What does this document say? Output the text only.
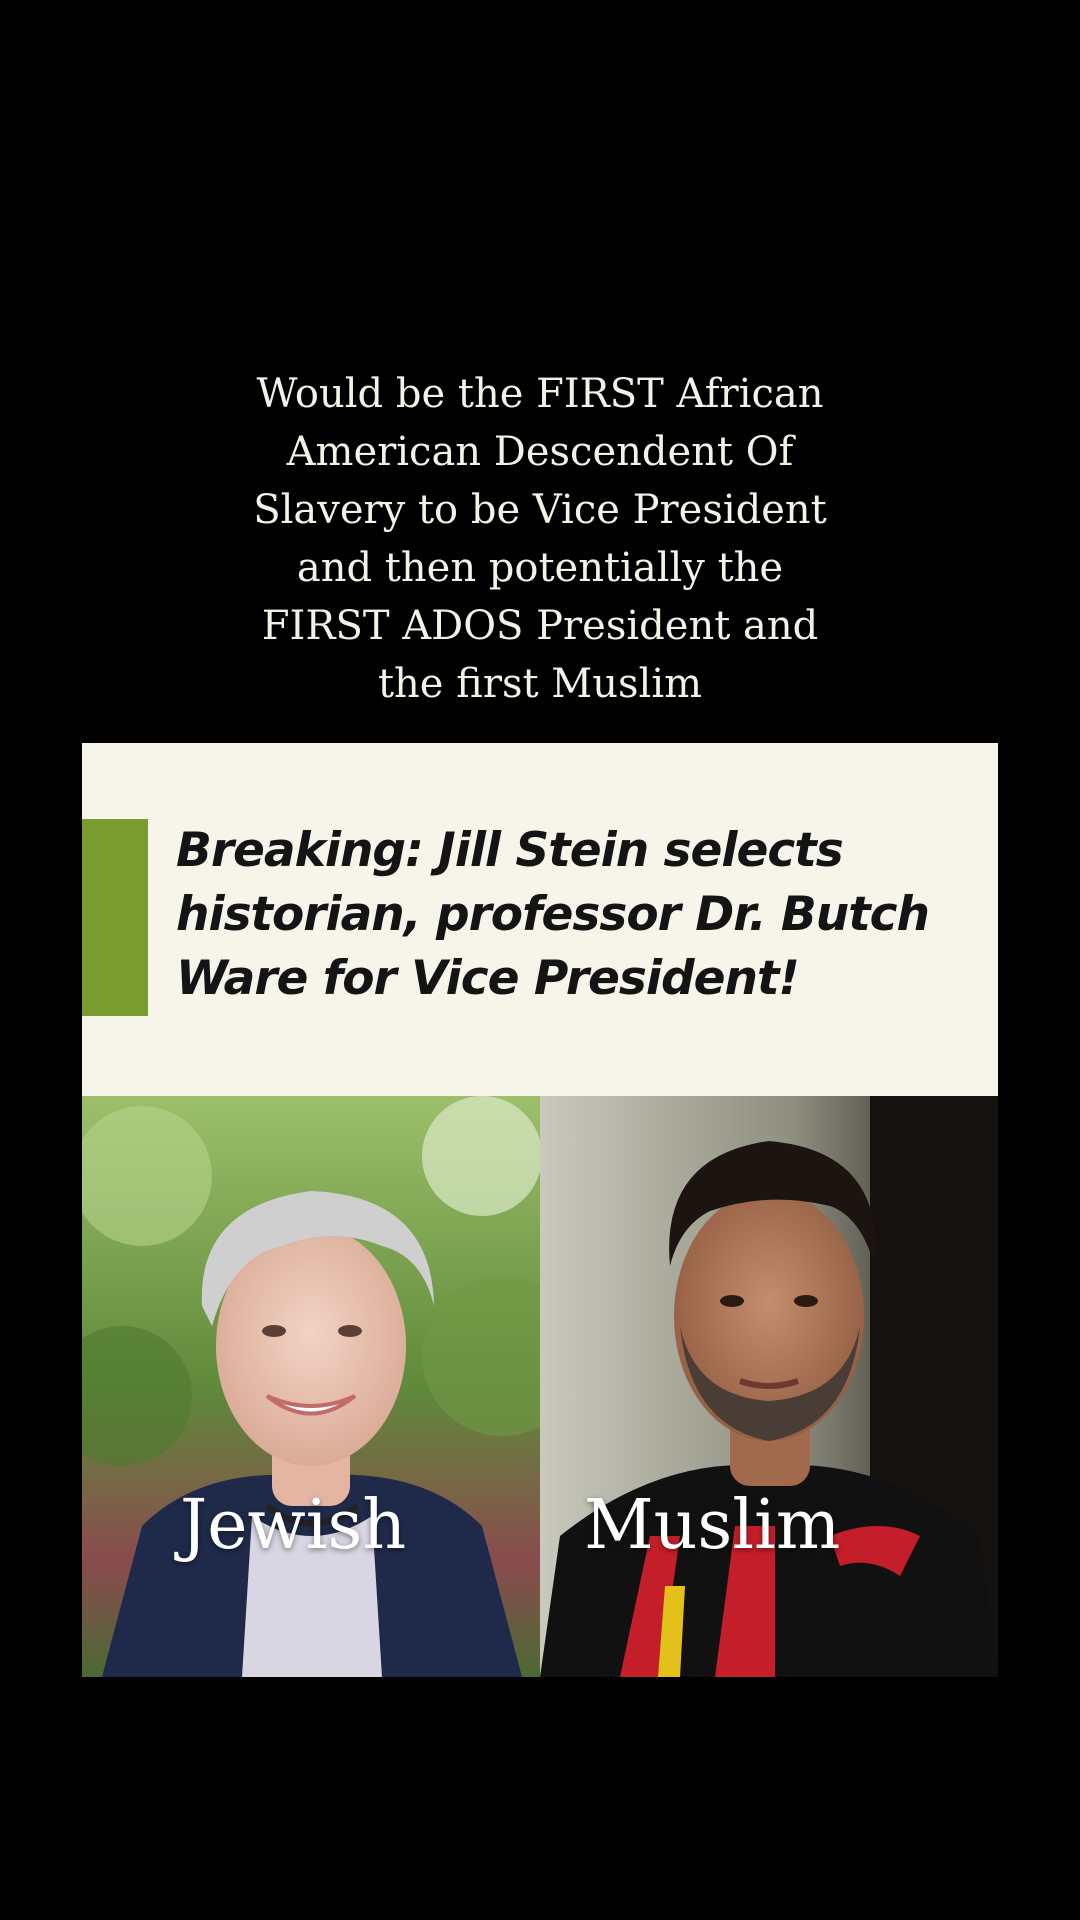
Would be the FIRST African
American Descendent Of
Slavery to be Vice President
and then potentially the
FIRST ADOS President and
the first Muslim
Breaking: Jill Stein selects historian, professor Dr. Butch Ware for Vice President!
Jewish	Muslim
